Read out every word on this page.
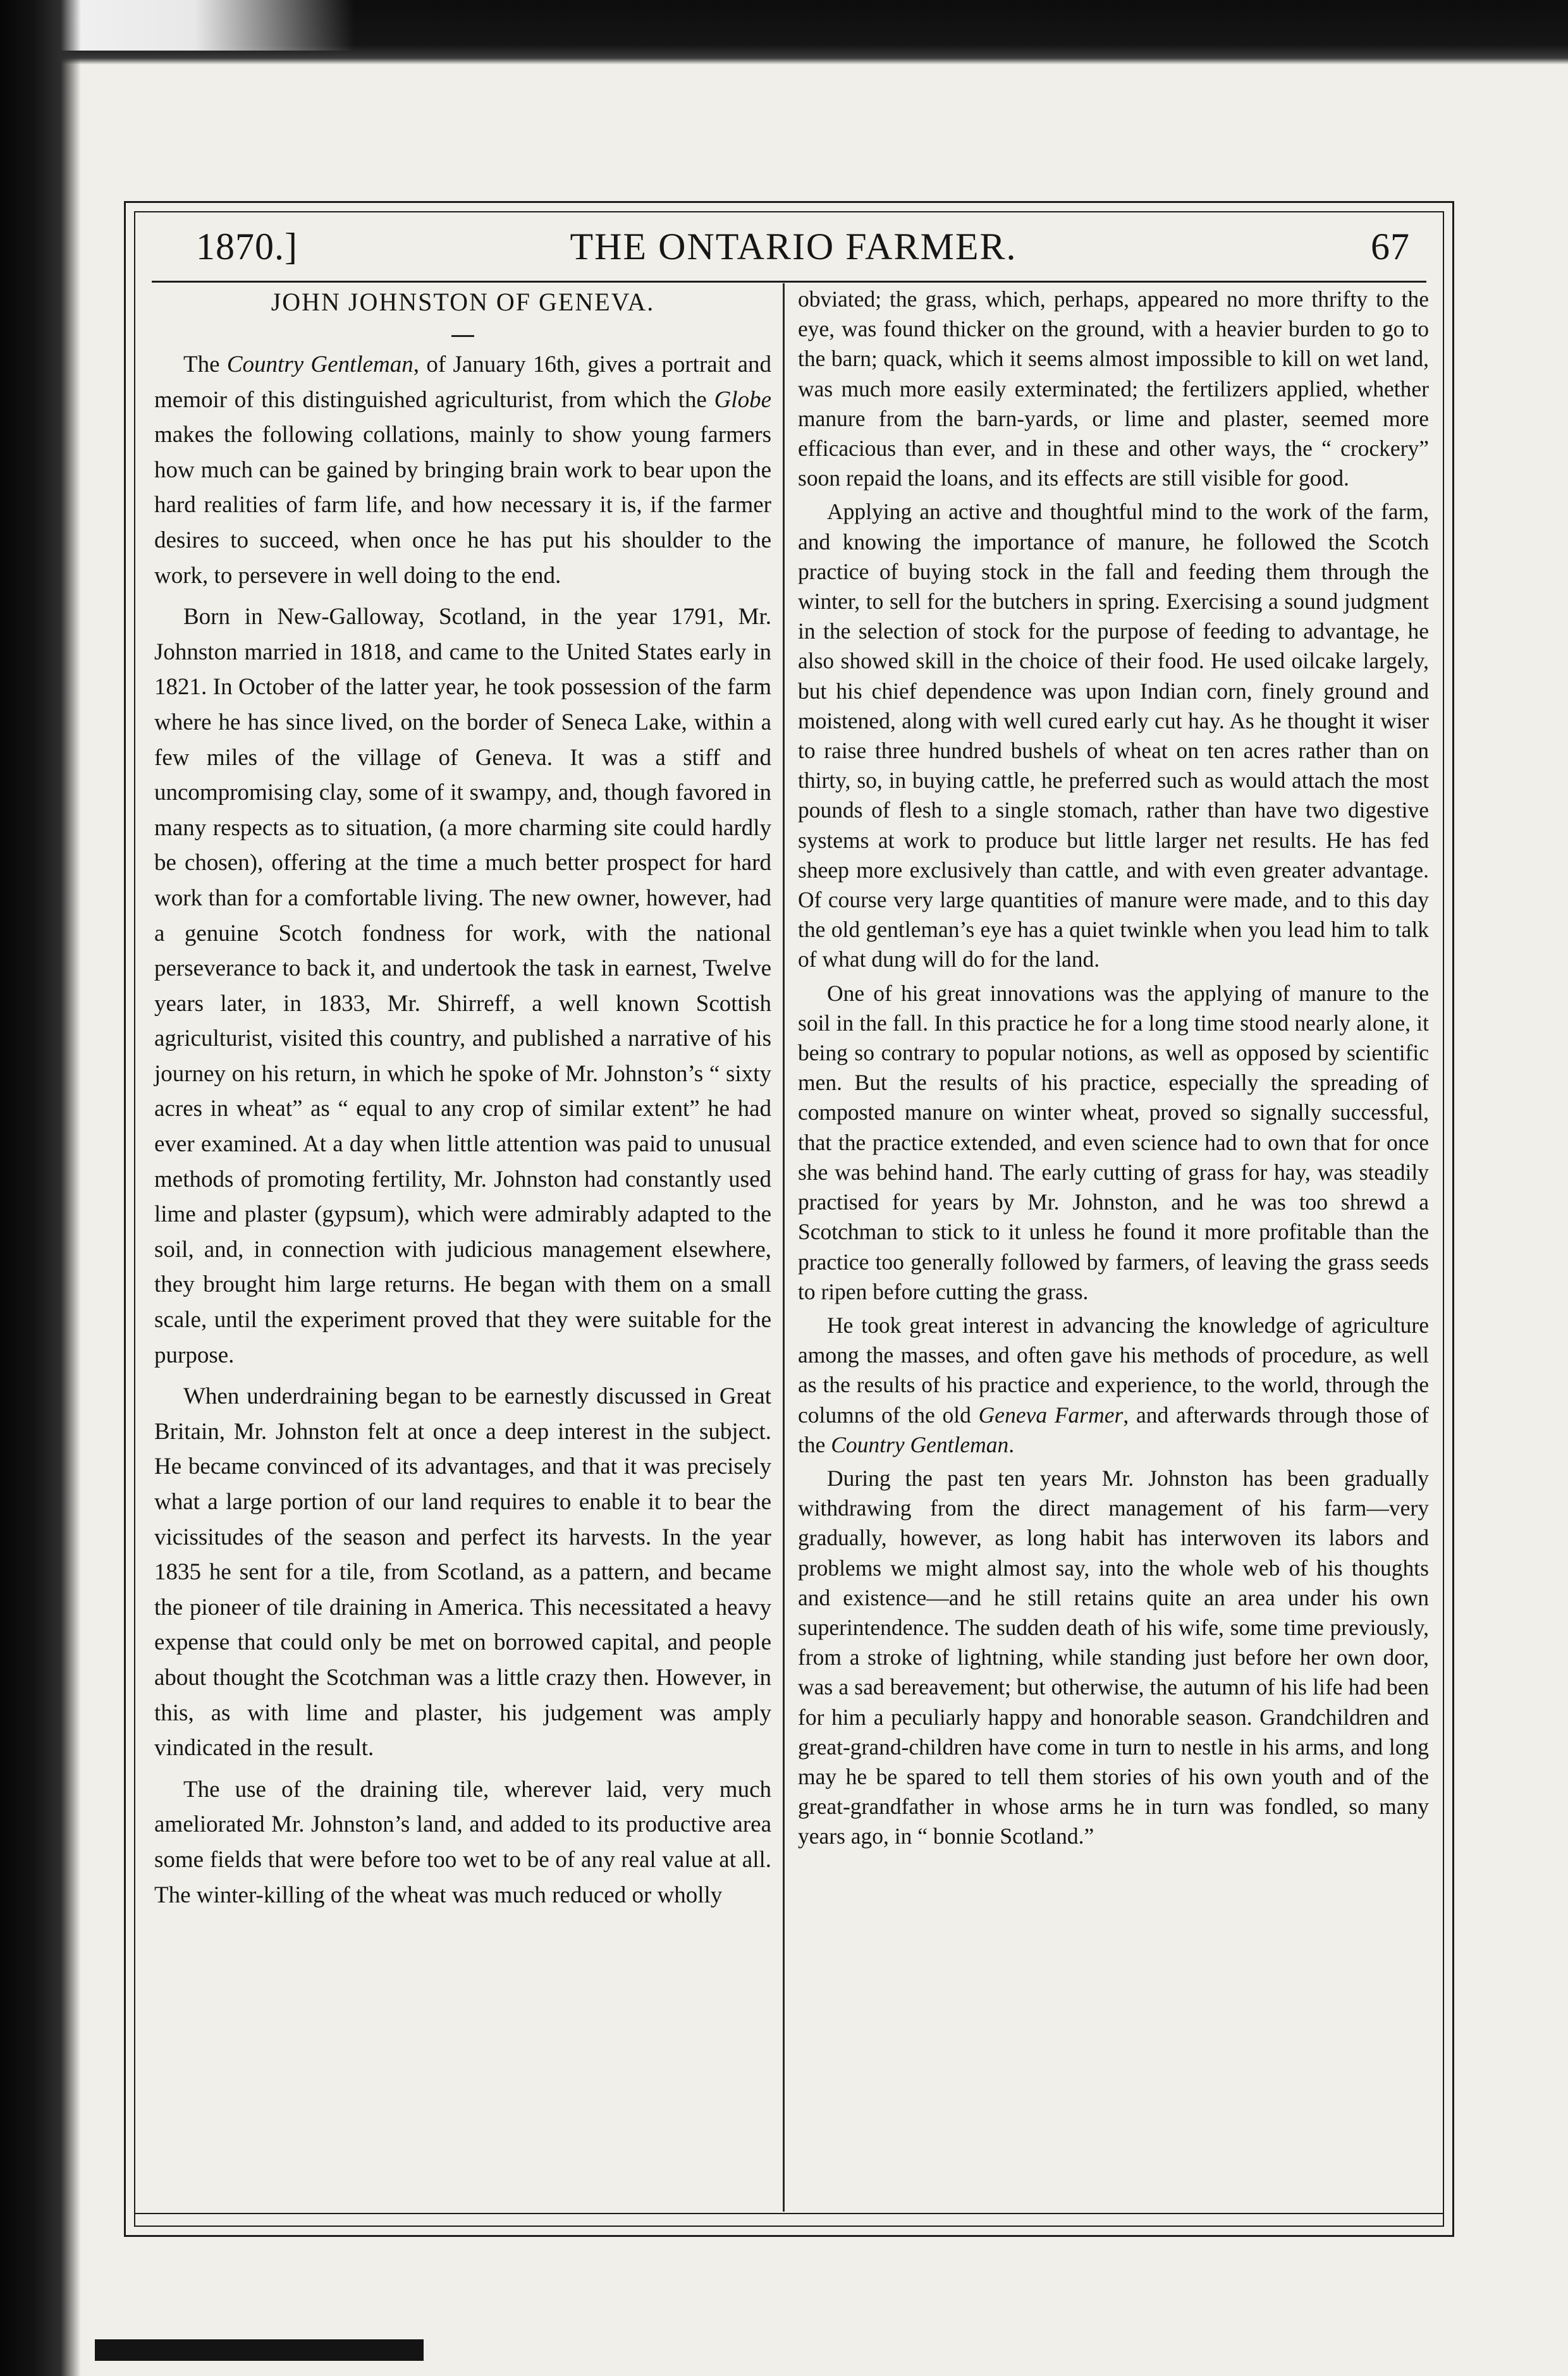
THE ONTARIO FARMER.
1870.]	67
JOHN JOHNSTON OF GENEVA.

The Country Gentleman, of January 16th, gives a portrait and memoir of this distinguished agriculturist, from which the Globe makes the following collations, mainly to show young farmers how much can be gained by bringing brain work to bear upon the hard realities of farm life, and how necessary it is, if the farmer desires to succeed, when once he has put his shoulder to the work, to persevere in well doing to the end.

Born in New-Galloway, Scotland, in the year 1791, Mr. Johnston married in 1818, and came to the United States early in 1821. In October of the latter year, he took possession of the farm where he has since lived, on the border of Seneca Lake, within a few miles of the village of Geneva. It was a stiff and uncompromising clay, some of it swampy, and, though favored in many respects as to situation, (a more charming site could hardly be chosen), offering at the time a much better prospect for hard work than for a comfortable living. The new owner, however, had a genuine Scotch fondness for work, with the national perseverance to back it, and undertook the task in earnest, Twelve years later, in 1833, Mr. Shirreff, a well known Scottish agriculturist, visited this country, and published a narrative of his journey on his return, in which he spoke of Mr. Johnston’s “ sixty acres in wheat” as “ equal to any crop of similar extent” he had ever examined. At a day when little attention was paid to unusual methods of promoting fertility, Mr. Johnston had constantly used lime and plaster (gypsum), which were admirably adapted to the soil, and, in connection with judicious management elsewhere, they brought him large returns. He began with them on a small scale, until the experiment proved that they were suitable for the purpose.

When underdraining began to be earnestly discussed in Great Britain, Mr. Johnston felt at once a deep interest in the subject. He became convinced of its advantages, and that it was precisely what a large portion of our land requires to enable it to bear the vicissitudes of the season and perfect its harvests. In the year 1835 he sent for a tile, from Scotland, as a pattern, and became the pioneer of tile draining in America. This necessitated a heavy expense that could only be met on borrowed capital, and people about thought the Scotchman was a little crazy then. However, in this, as with lime and plaster, his judgement was amply vindicated in the result.

The use of the draining tile, wherever laid, very much ameliorated Mr. Johnston’s land, and added to its productive area some fields that were before too wet to be of any real value at all. The winter-killing of the wheat was much reduced or wholly

obviated; the grass, which, perhaps, appeared no more thrifty to the eye, was found thicker on the ground, with a heavier burden to go to the barn; quack, which it seems almost impossible to kill on wet land, was much more easily exterminated; the fertilizers applied, whether manure from the barn-yards, or lime and plaster, seemed more efficacious than ever, and in these and other ways, the “ crockery” soon repaid the loans, and its effects are still visible for good.

Applying an active and thoughtful mind to the work of the farm, and knowing the importance of manure, he followed the Scotch practice of buying stock in the fall and feeding them through the winter, to sell for the butchers in spring. Exercising a sound judgment in the selection of stock for the purpose of feeding to advantage, he also showed skill in the choice of their food. He used oilcake largely, but his chief dependence was upon Indian corn, finely ground and moistened, along with well cured early cut hay. As he thought it wiser to raise three hundred bushels of wheat on ten acres rather than on thirty, so, in buying cattle, he preferred such as would attach the most pounds of flesh to a single stomach, rather than have two digestive systems at work to produce but little larger net results. He has fed sheep more exclusively than cattle, and with even greater advantage. Of course very large quantities of manure were made, and to this day the old gentleman’s eye has a quiet twinkle when you lead him to talk of what dung will do for the land.

One of his great innovations was the applying of manure to the soil in the fall. In this practice he for a long time stood nearly alone, it being so contrary to popular notions, as well as opposed by scientific men. But the results of his practice, especially the spreading of composted manure on winter wheat, proved so signally successful, that the practice extended, and even science had to own that for once she was behind hand. The early cutting of grass for hay, was steadily practised for years by Mr. Johnston, and he was too shrewd a Scotchman to stick to it unless he found it more profitable than the practice too generally followed by farmers, of leaving the grass seeds to ripen before cutting the grass.

He took great interest in advancing the knowledge of agriculture among the masses, and often gave his methods of procedure, as well as the results of his practice and experience, to the world, through the columns of the old Geneva Farmer, and afterwards through those of the Country Gentleman.

During the past ten years Mr. Johnston has been gradually withdrawing from the direct management of his farm—very gradually, however, as long habit has interwoven its labors and problems we might almost say, into the whole web of his thoughts and existence—and he still retains quite an area under his own superintendence. The sudden death of his wife, some time previously, from a stroke of lightning, while standing just before her own door, was a sad bereavement; but otherwise, the autumn of his life had been for him a peculiarly happy and honorable season. Grandchildren and great-grand-children have come in turn to nestle in his arms, and long may he be spared to tell them stories of his own youth and of the great-grandfather in whose arms he in turn was fondled, so many years ago, in “ bonnie Scotland.”
